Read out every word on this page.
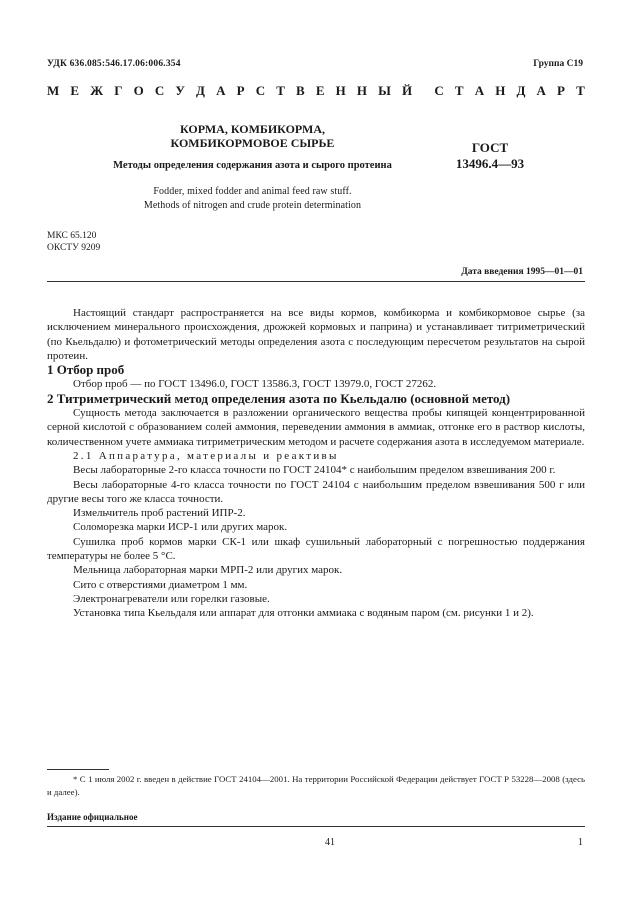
УДК 636.085:546.17.06:006.354	Группа С19
М Е Ж Г О С У Д А Р С Т В Е Н Н Ы Й С Т А Н Д А Р Т
КОРМА, КОМБИКОРМА,
КОМБИКОРМОВОЕ СЫРЬЕ
Методы определения содержания азота и сырого протеина
Fodder, mixed fodder and animal feed raw stuff.
Methods of nitrogen and crude protein determination
ГОСТ
13496.4—93
МКС 65.120
ОКСТУ 9209
Дата введения 1995—01—01

Настоящий стандарт распространяется на все виды кормов, комбикорма и комбикормовое сырье (за исключением минерального происхождения, дрожжей кормовых и паприна) и устанавливает титриметрический (по Кьельдалю) и фотометрический методы определения азота с последующим пересчетом результатов на сырой протеин.

1 Отбор проб

Отбор проб — по ГОСТ 13496.0, ГОСТ 13586.3, ГОСТ 13979.0, ГОСТ 27262.

2 Титриметрический метод определения азота по Кьельдалю (основной метод)

Сущность метода заключается в разложении органического вещества пробы кипящей концентрированной серной кислотой с образованием солей аммония, переведении аммония в аммиак, отгонке его в раствор кислоты, количественном учете аммиака титриметрическим методом и расчете содержания азота в исследуемом материале.

2.1 Аппаратура, материалы и реактивы

Весы лабораторные 2-го класса точности по ГОСТ 24104* с наибольшим пределом взвешивания 200 г.

Весы лабораторные 4-го класса точности по ГОСТ 24104 с наибольшим пределом взвешивания 500 г или другие весы того же класса точности.

Измельчитель проб растений ИПР-2.

Соломорезка марки ИСР-1 или других марок.

Сушилка проб кормов марки СК-1 или шкаф сушильный лабораторный с погрешностью поддержания температуры не более 5 °С.

Мельница лабораторная марки МРП-2 или других марок.

Сито с отверстиями диаметром 1 мм.

Электронагреватели или горелки газовые.

Установка типа Кьельдаля или аппарат для отгонки аммиака с водяным паром (см. рисунки 1 и 2).

* С 1 июля 2002 г. введен в действие ГОСТ 24104—2001. На территории Российской Федерации действует ГОСТ Р 53228—2008 (здесь и далее).

Издание официальное
41	1
